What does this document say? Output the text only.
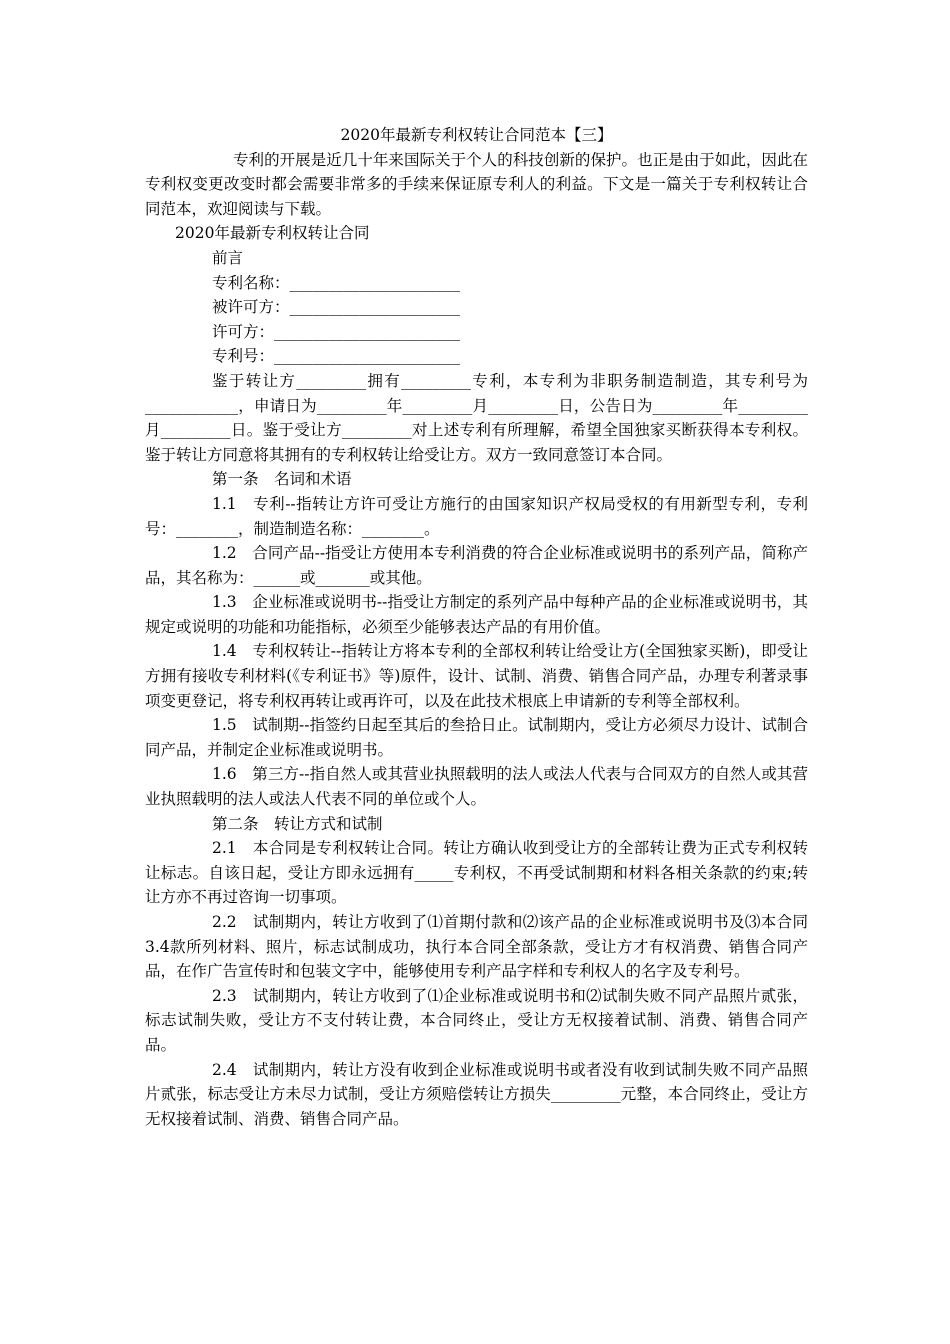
2020年最新专利权转让合同范本【三】

专利的开展是近几十年来国际关于个人的科技创新的保护。也正是由于如此，因此在专利权变更改变时都会需要非常多的手续来保证原专利人的利益。下文是一篇关于专利权转让合同范本，欢迎阅读与下载。

2020年最新专利权转让合同

前言

专利名称：______________________

被许可方：______________________

许可方：________________________

专利号：________________________

鉴于转让方_________拥有_________专利，本专利为非职务制造制造，其专利号为____________，申请日为_________年_________月_________日，公告日为_________年_________月_________日。鉴于受让方_________对上述专利有所理解，希望全国独家买断获得本专利权。鉴于转让方同意将其拥有的专利权转让给受让方。双方一致同意签订本合同。

第一条　名词和术语

1.1　专利--指转让方许可受让方施行的由国家知识产权局受权的有用新型专利，专利号：________，制造制造名称：________。

1.2　合同产品--指受让方使用本专利消费的符合企业标准或说明书的系列产品，简称产品，其名称为：______或_______或其他。

1.3　企业标准或说明书--指受让方制定的系列产品中每种产品的企业标准或说明书，其规定或说明的功能和功能指标，必须至少能够表达产品的有用价值。

1.4　专利权转让--指转让方将本专利的全部权利转让给受让方(全国独家买断)，即受让方拥有接收专利材料(《专利证书》等)原件，设计、试制、消费、销售合同产品，办理专利著录事项变更登记，将专利权再转让或再许可，以及在此技术根底上申请新的专利等全部权利。

1.5　试制期--指签约日起至其后的叁拾日止。试制期内，受让方必须尽力设计、试制合同产品，并制定企业标准或说明书。

1.6　第三方--指自然人或其营业执照载明的法人或法人代表与合同双方的自然人或其营业执照载明的法人或法人代表不同的单位或个人。

第二条　转让方式和试制

2.1　本合同是专利权转让合同。转让方确认收到受让方的全部转让费为正式专利权转让标志。自该日起，受让方即永远拥有_____专利权，不再受试制期和材料各相关条款的约束;转让方亦不再过咨询一切事项。

2.2　试制期内，转让方收到了⑴首期付款和⑵该产品的企业标准或说明书及⑶本合同3.4款所列材料、照片，标志试制成功，执行本合同全部条款，受让方才有权消费、销售合同产品，在作广告宣传时和包装文字中，能够使用专利产品字样和专利权人的名字及专利号。

2.3　试制期内，转让方收到了⑴企业标准或说明书和⑵试制失败不同产品照片贰张，标志试制失败，受让方不支付转让费，本合同终止，受让方无权接着试制、消费、销售合同产品。

2.4　试制期内，转让方没有收到企业标准或说明书或者没有收到试制失败不同产品照片贰张，标志受让方未尽力试制，受让方须赔偿转让方损失_________元整，本合同终止，受让方无权接着试制、消费、销售合同产品。
